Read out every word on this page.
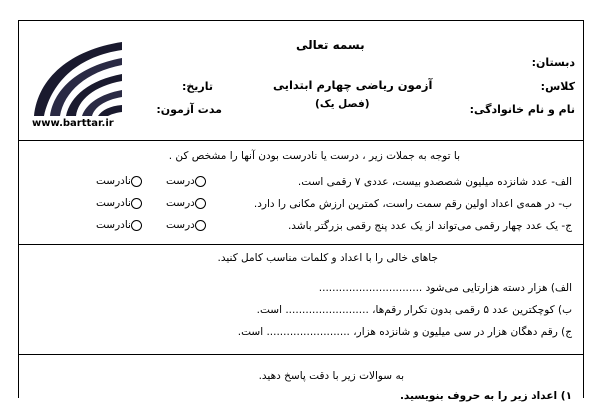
www.barttar.ir
بسمه تعالی
آزمون ریاضی چهارم ابتدایی
(فصل یک)
دبستان:
کلاس:
نام و نام خانوادگی:
تاریخ:
مدت آزمون:
با توجه به جملات زیر ، درست یا نادرست بودن آنها را مشخص کن .
الف- عدد شانزده میلیون شصصدو بیست، عددی ۷ رقمی است.
درست
نادرست
ب- در همه‌ی اعداد اولین رقم سمت راست، کمترین ارزش مکانی را دارد.
درست
نادرست
ج- یک عدد چهار رقمی می‌تواند از یک عدد پنج رقمی بزرگتر باشد.
درست
نادرست
جاهای خالی را با اعداد و کلمات مناسب کامل کنید.
الف) هزار دسته هزارتایی می‌شود ...............................
ب) کوچکترین عدد ۵ رقمی بدون تکرار رقم‌ها، ......................... است.
ج) رقم دهگان هزار در سی میلیون و شانزده هزار، ......................... است.
به سوالات زیر با دقت پاسخ دهید.
۱) اعداد زیر را به حروف بنویسید.
